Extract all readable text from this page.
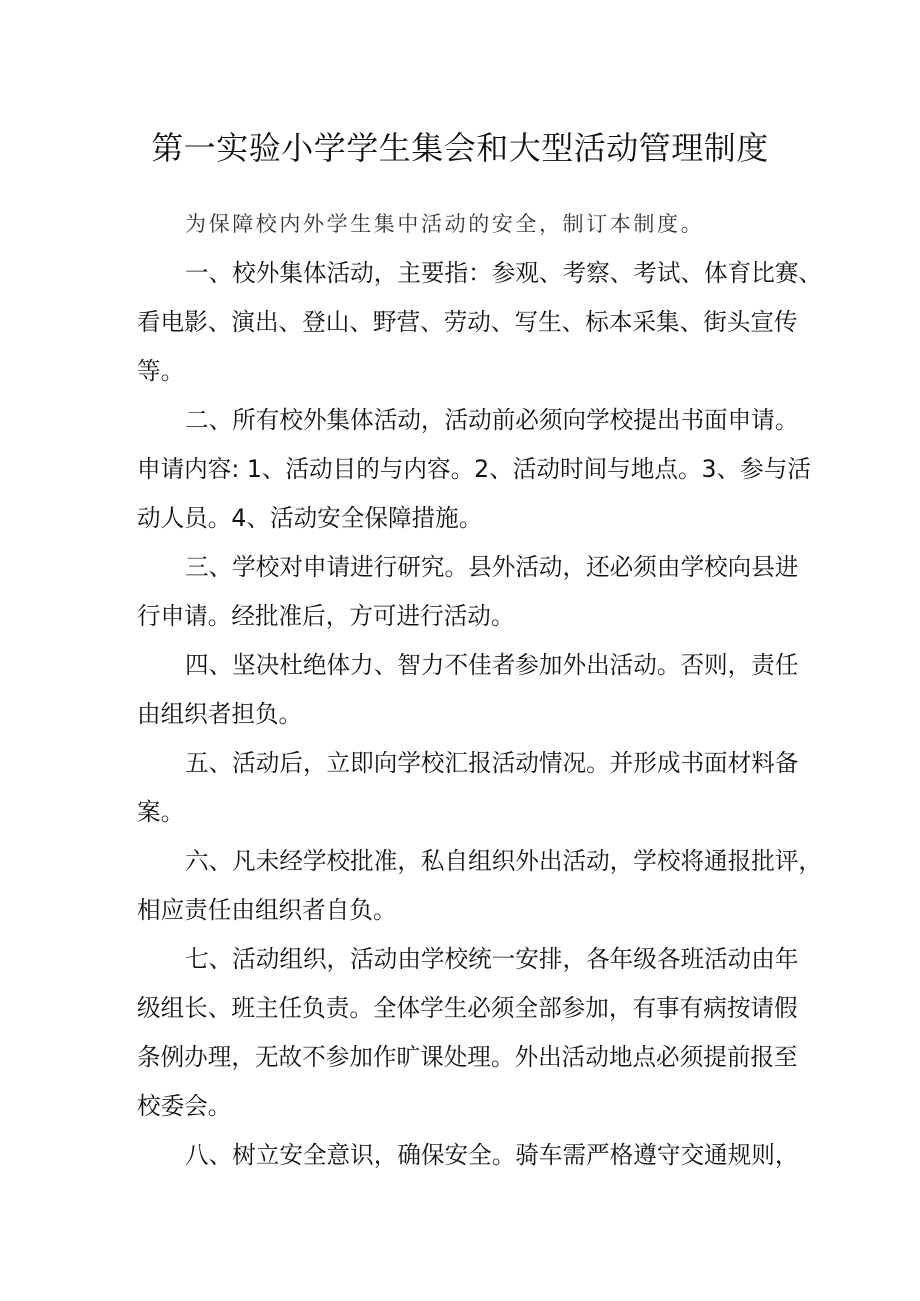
第一实验小学学生集会和大型活动管理制度
为保障校内外学生集中活动的安全，制订本制度。
一、校外集体活动，主要指：参观、考察、考试、体育比赛、
看电影、演出、登山、野营、劳动、写生、标本采集、街头宣传
等。
二、所有校外集体活动，活动前必须向学校提出书面申请。
申请内容: 1、活动目的与内容。2、活动时间与地点。3、参与活
动人员。4、活动安全保障措施。
三、学校对申请进行研究。县外活动，还必须由学校向县进
行申请。经批准后，方可进行活动。
四、坚决杜绝体力、智力不佳者参加外出活动。否则，责任
由组织者担负。
五、活动后，立即向学校汇报活动情况。并形成书面材料备
案。
六、凡未经学校批准，私自组织外出活动，学校将通报批评，
相应责任由组织者自负。
七、活动组织，活动由学校统一安排，各年级各班活动由年
级组长、班主任负责。全体学生必须全部参加，有事有病按请假
条例办理，无故不参加作旷课处理。外出活动地点必须提前报至
校委会。
八、树立安全意识，确保安全。骑车需严格遵守交通规则，
